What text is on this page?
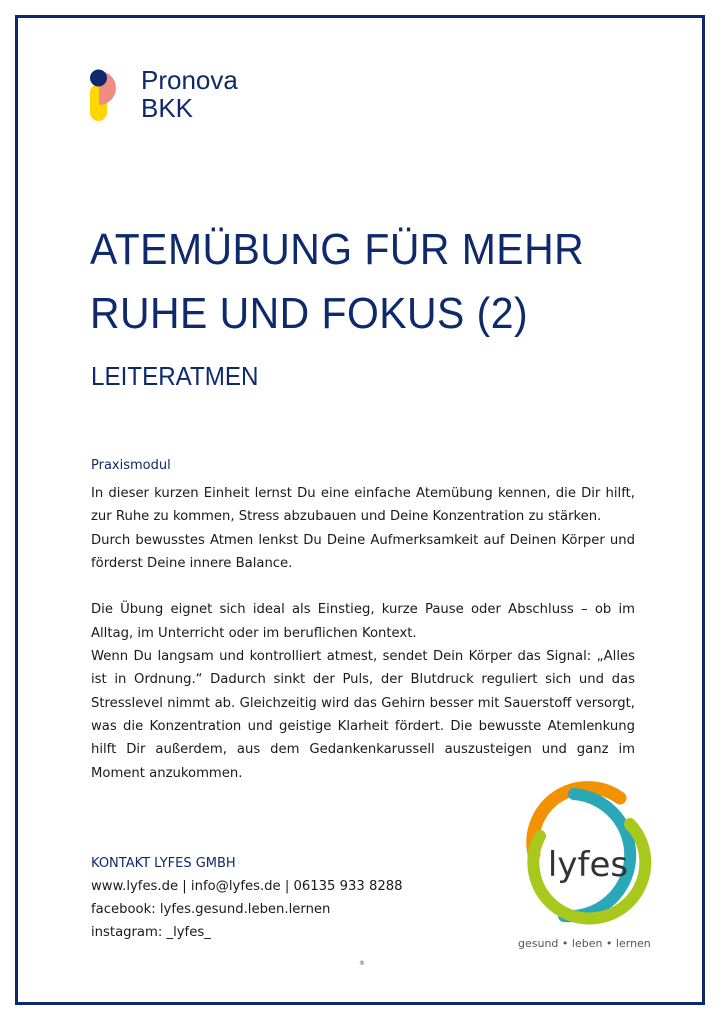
Pronova
BKK
ATEMÜBUNG FÜR MEHR
RUHE UND FOKUS (2)
LEITERATMEN
Praxismodul

In dieser kurzen Einheit lernst Du eine einfache Atemübung kennen, die Dir hilft, zur Ruhe zu kommen, Stress abzubauen und Deine Konzentration zu stärken.

Durch bewusstes Atmen lenkst Du Deine Aufmerksamkeit auf Deinen Körper und förderst Deine innere Balance.

Die Übung eignet sich ideal als Einstieg, kurze Pause oder Abschluss – ob im Alltag, im Unterricht oder im beruflichen Kontext.

Wenn Du langsam und kontrolliert atmest, sendet Dein Körper das Signal: „Alles ist in Ordnung.“ Dadurch sinkt der Puls, der Blutdruck reguliert sich und das Stresslevel nimmt ab. Gleichzeitig wird das Gehirn besser mit Sauerstoff versorgt, was die Konzentration und geistige Klarheit fördert. Die bewusste Atemlenkung hilft Dir außerdem, aus dem Gedankenkarussell auszusteigen und ganz im Moment anzukommen.

KONTAKT LYFES GMBH
www.lyfes.de | info@lyfes.de | 06135 933 8288
facebook: lyfes.gesund.leben.lernen
instagram: _lyfes_
lyfes
gesund • leben • lernen
®
